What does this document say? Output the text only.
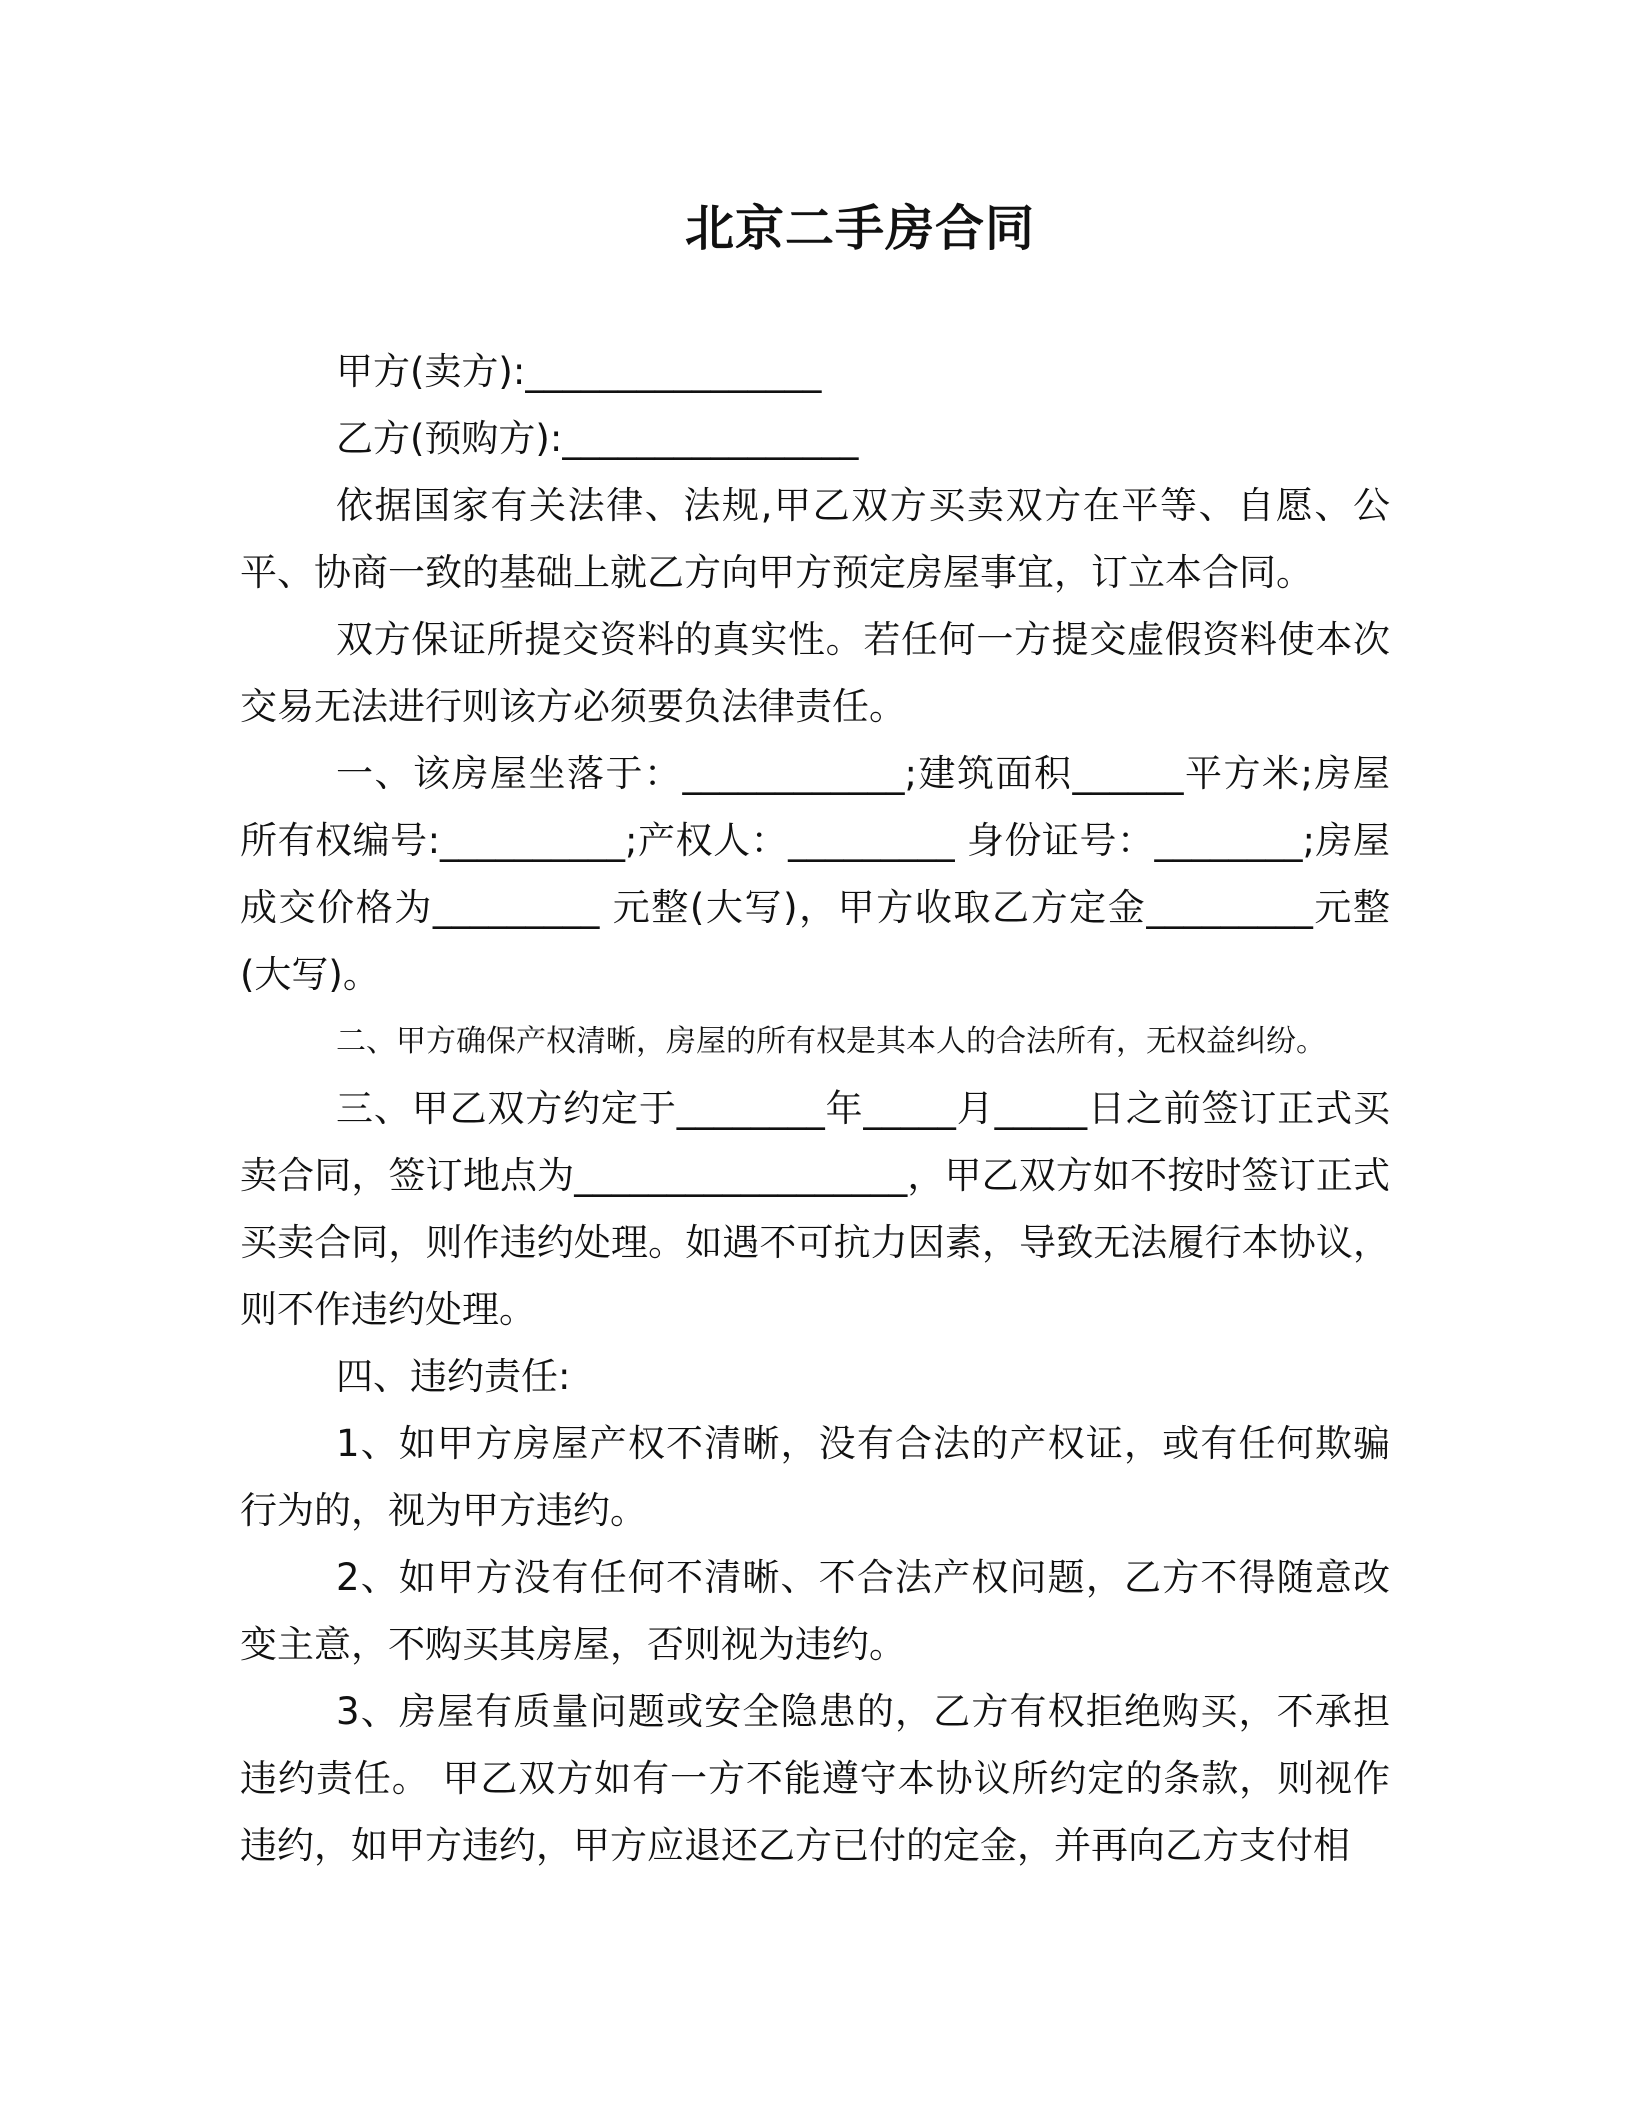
北京二手房合同

甲方(卖方):________________

乙方(预购方):________________

依据国家有关法律、法规,甲乙双方买卖双方在平等、自愿、公平、协商一致的基础上就乙方向甲方预定房屋事宜，订立本合同。

双方保证所提交资料的真实性。若任何一方提交虚假资料使本次交易无法进行则该方必须要负法律责任。

一、该房屋坐落于：____________;建筑面积______平方米;房屋所有权编号:__________;产权人：_________ 身份证号：________;房屋成交价格为_________ 元整(大写)，甲方收取乙方定金_________元整(大写)。

二、甲方确保产权清晰，房屋的所有权是其本人的合法所有，无权益纠纷。

三、甲乙双方约定于________年_____月_____日之前签订正式买卖合同，签订地点为__________________，甲乙双方如不按时签订正式买卖合同，则作违约处理。如遇不可抗力因素，导致无法履行本协议，则不作违约处理。

四、违约责任:

1、如甲方房屋产权不清晰，没有合法的产权证，或有任何欺骗行为的，视为甲方违约。

2、如甲方没有任何不清晰、不合法产权问题，乙方不得随意改变主意，不购买其房屋，否则视为违约。

3、房屋有质量问题或安全隐患的，乙方有权拒绝购买，不承担违约责任。 甲乙双方如有一方不能遵守本协议所约定的条款，则视作违约，如甲方违约，甲方应退还乙方已付的定金，并再向乙方支付相
